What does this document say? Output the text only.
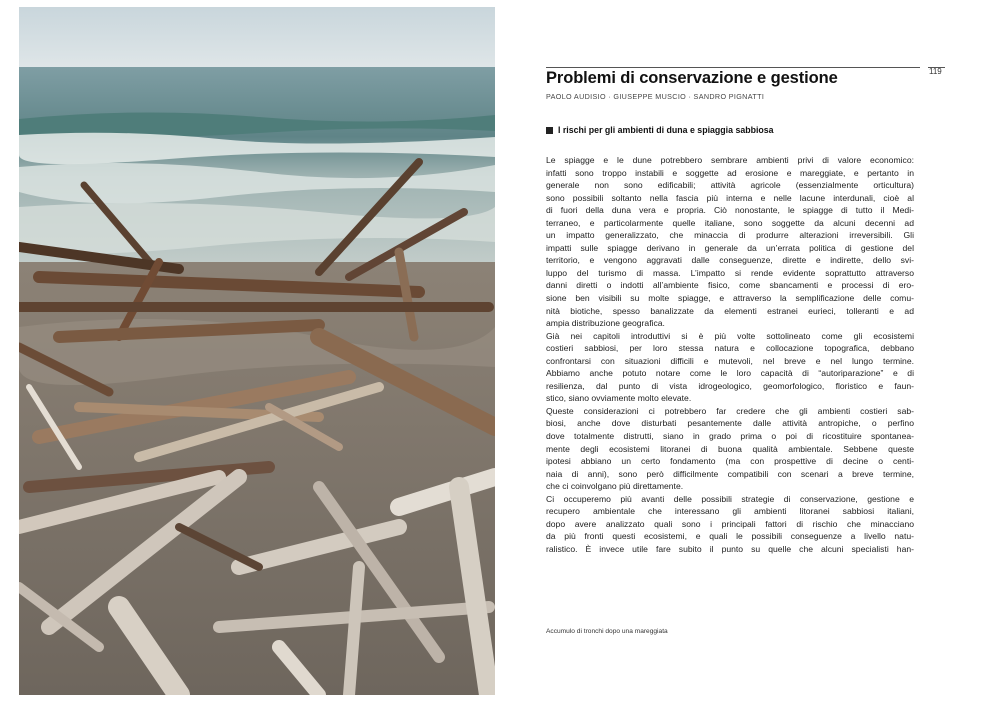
119
Problemi di conservazione e gestione
PAOLO AUDISIO · GIUSEPPE MUSCIO · SANDRO PIGNATTI
I rischi per gli ambienti di duna e spiaggia sabbiosa
Le spiagge e le dune potrebbero sembrare ambienti privi di valore economico:
infatti sono troppo instabili e soggette ad erosione e mareggiate, e pertanto in
generale non sono edificabili; attività agricole (essenzialmente orticultura)
sono possibili soltanto nella fascia più interna e nelle lacune interdunali, cioè al
di fuori della duna vera e propria. Ciò nonostante, le spiagge di tutto il Medi-
terraneo, e particolarmente quelle italiane, sono soggette da alcuni decenni ad
un impatto generalizzato, che minaccia di produrre alterazioni irreversibili. Gli
impatti sulle spiagge derivano in generale da un’errata politica di gestione del
territorio, e vengono aggravati dalle conseguenze, dirette e indirette, dello svi-
luppo del turismo di massa. L’impatto si rende evidente soprattutto attraverso
danni diretti o indotti all’ambiente fisico, come sbancamenti e processi di ero-
sione ben visibili su molte spiagge, e attraverso la semplificazione delle comu-
nità biotiche, spesso banalizzate da elementi estranei eurieci, tolleranti e ad
ampia distribuzione geografica.
Già nei capitoli introduttivi si è più volte sottolineato come gli ecosistemi
costieri sabbiosi, per loro stessa natura e collocazione topografica, debbano
confrontarsi con situazioni difficili e mutevoli, nel breve e nel lungo termine.
Abbiamo anche potuto notare come le loro capacità di “autoriparazione” e di
resilienza, dal punto di vista idrogeologico, geomorfologico, floristico e faun-
stico, siano ovviamente molto elevate.
Queste considerazioni ci potrebbero far credere che gli ambienti costieri sab-
biosi, anche dove disturbati pesantemente dalle attività antropiche, o perfino
dove totalmente distrutti, siano in grado prima o poi di ricostituire spontanea-
mente degli ecosistemi litoranei di buona qualità ambientale. Sebbene queste
ipotesi abbiano un certo fondamento (ma con prospettive di decine o centi-
naia di anni), sono però difficilmente compatibili con scenari a breve termine,
che ci coinvolgano più direttamente.
Ci occuperemo più avanti delle possibili strategie di conservazione, gestione e
recupero ambientale che interessano gli ambienti litoranei sabbiosi italiani,
dopo avere analizzato quali sono i principali fattori di rischio che minacciano
da più fronti questi ecosistemi, e quali le possibili conseguenze a livello natu-
ralistico. È invece utile fare subito il punto su quelle che alcuni specialisti han-
Accumulo di tronchi dopo una mareggiata
